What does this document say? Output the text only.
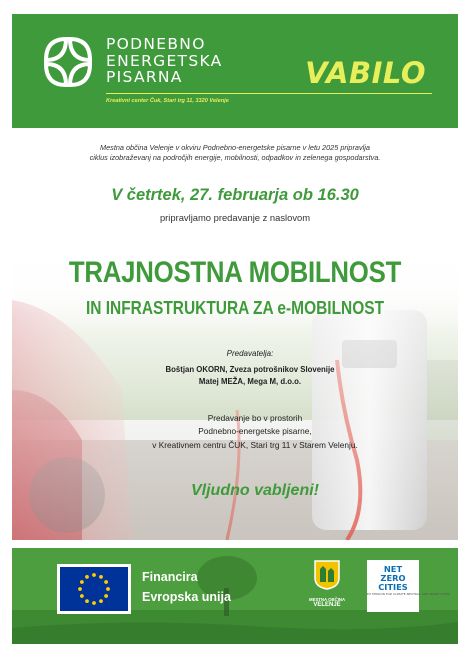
PODNEBNO
ENERGETSKA
PISARNA
Kreativni center Čuk, Stari trg 11, 3320 Velenje
VABILO
Mestna občina Velenje v okviru Podnebno-energetske pisarne v letu 2025 pripravlja
ciklus izobraževanj na področjih energije, mobilnosti, odpadkov in zelenega gospodarstva.
V četrtek, 27. februarja ob 16.30
pripravljamo predavanje z naslovom
TRAJNOSTNA MOBILNOST
IN INFRASTRUKTURA ZA e-MOBILNOST
Predavatelja:
Boštjan OKORN, Zveza potrošnikov Slovenije
Matej MEŽA, Mega M, d.o.o.
Predavanje bo v prostorih
Podnebno-energetske pisarne,
v Kreativnem centru ČUK, Stari trg 11 v Starem Velenju.
Vljudno vabljeni!
Financira
Evropska unija	MESTNA OBČINA
VELENJE
NET
ZERO
CITIES
EU MISSION FOR CLIMATE-NEUTRAL AND SMART CITIES
